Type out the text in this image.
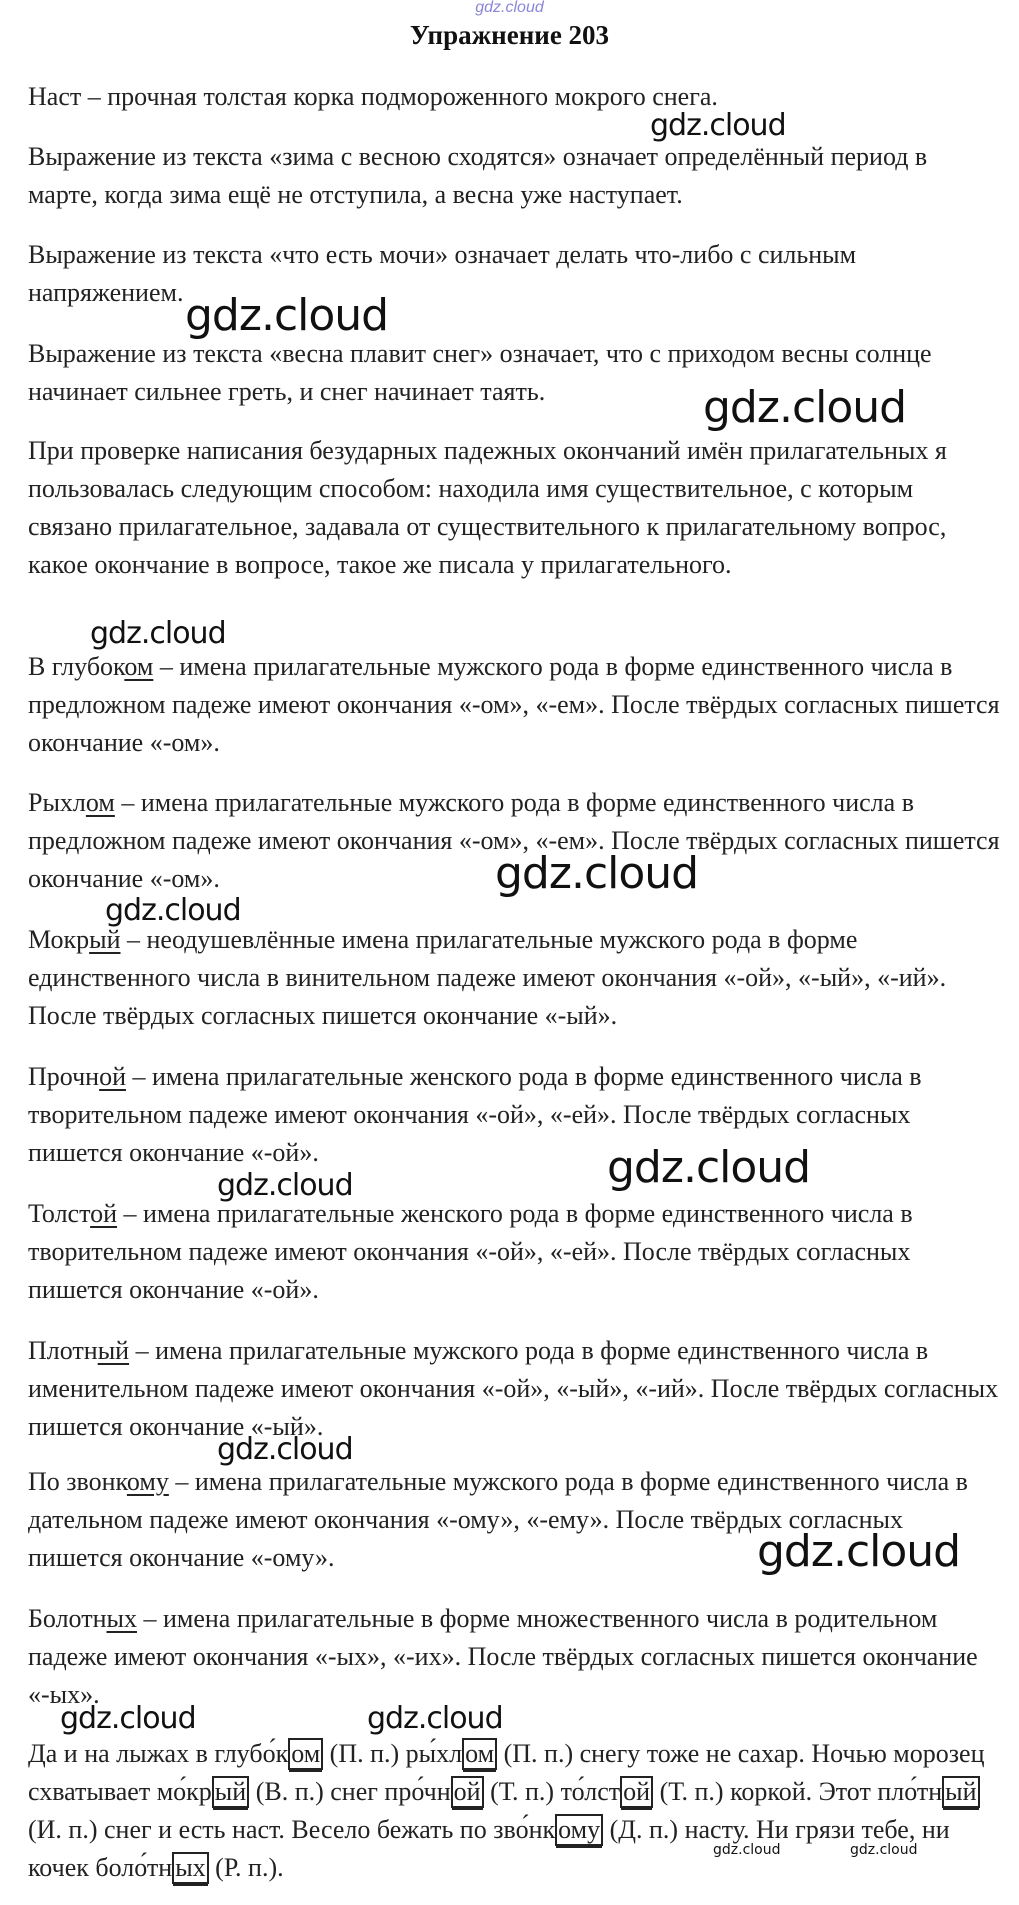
gdz.cloud
Упражнение 203
Наст – прочная толстая корка подмороженного мокрого снега.
Выражение из текста «зима с весною сходятся» означает определённый период в марте, когда зима ещё не отступила, а весна уже наступает.
Выражение из текста «что есть мочи» означает делать что-либо с сильным напряжением.
Выражение из текста «весна плавит снег» означает, что с приходом весны солнце начинает сильнее греть, и снег начинает таять.
При проверке написания безударных падежных окончаний имён прилагательных я пользовалась следующим способом: находила имя существительное, с которым связано прилагательное, задавала от существительного к прилагательному вопрос, какое окончание в вопросе, такое же писала у прилагательного.
В глубоком – имена прилагательные мужского рода в форме единственного числа в предложном падеже имеют окончания «-ом», «-ем». После твёрдых согласных пишется окончание «-ом».
Рыхлом – имена прилагательные мужского рода в форме единственного числа в предложном падеже имеют окончания «-ом», «-ем». После твёрдых согласных пишется окончание «-ом».
Мокрый – неодушевлённые имена прилагательные мужского рода в форме единственного числа в винительном падеже имеют окончания «-ой», «-ый», «-ий». После твёрдых согласных пишется окончание «-ый».
Прочной – имена прилагательные женского рода в форме единственного числа в творительном падеже имеют окончания «-ой», «-ей». После твёрдых согласных пишется окончание «-ой».
Толстой – имена прилагательные женского рода в форме единственного числа в творительном падеже имеют окончания «-ой», «-ей». После твёрдых согласных пишется окончание «-ой».
Плотный – имена прилагательные мужского рода в форме единственного числа в именительном падеже имеют окончания «-ой», «-ый», «-ий». После твёрдых согласных пишется окончание «-ый».
По звонкому – имена прилагательные мужского рода в форме единственного числа в дательном падеже имеют окончания «-ому», «-ему». После твёрдых согласных пишется окончание «-ому».
Болотных – имена прилагательные в форме множественного числа в родительном падеже имеют окончания «-ых», «-их». После твёрдых согласных пишется окончание «-ых».
Да и на лыжах в глубо́к ом (П. п.) ры́хл ом (П. п.) снегу тоже не сахар. Ночью морозец схватывает мо́кр ый (В. п.) снег про́чн ой (Т. п.) то́лст ой (Т. п.) коркой. Этот пло́тн ый (И. п.) снег и есть наст. Весело бежать по зво́нк ому (Д. п.) насту. Ни грязи тебе, ни кочек боло́тн ых (Р. п.).
gdz.cloud
gdz.cloud
gdz.cloud
gdz.cloud
gdz.cloud
gdz.cloud
gdz.cloud
gdz.cloud
gdz.cloud
gdz.cloud
gdz.cloud	gdz.cloud
gdz.cloud	gdz.cloud
